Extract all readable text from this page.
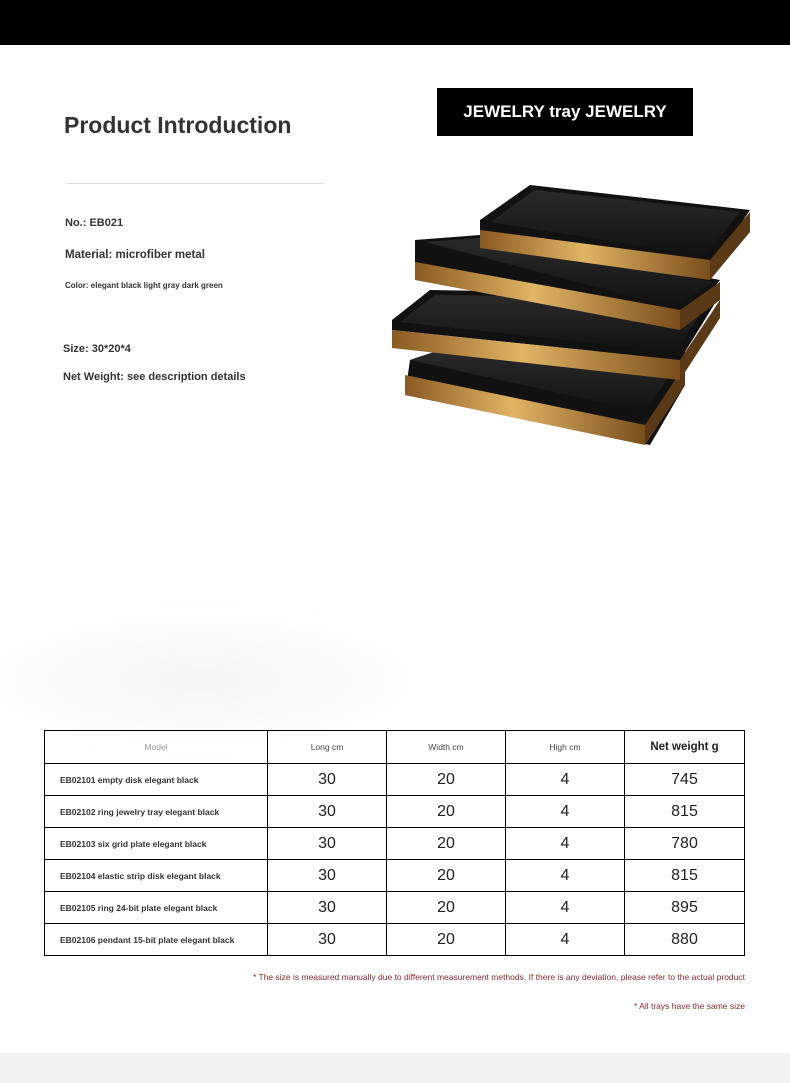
Product Introduction
No.: EB021
Material: microfiber metal
Color: elegant black light gray dark green
Size: 30*20*4
Net Weight: see description details
JEWELRY tray JEWELRY
Model	Long cm	Width cm	High cm	Net weight g
EB02101 empty disk elegant black	30	20	4	745
EB02102 ring jewelry tray elegant black	30	20	4	815
EB02103 six grid plate elegant black	30	20	4	780
EB02104 elastic strip disk elegant black	30	20	4	815
EB02105 ring 24-bit plate elegant black	30	20	4	895
EB02106 pendant 15-bit plate elegant black	30	20	4	880
* The size is measured manually due to different measurement methods. If there is any deviation, please refer to the actual product
* All trays have the same size
